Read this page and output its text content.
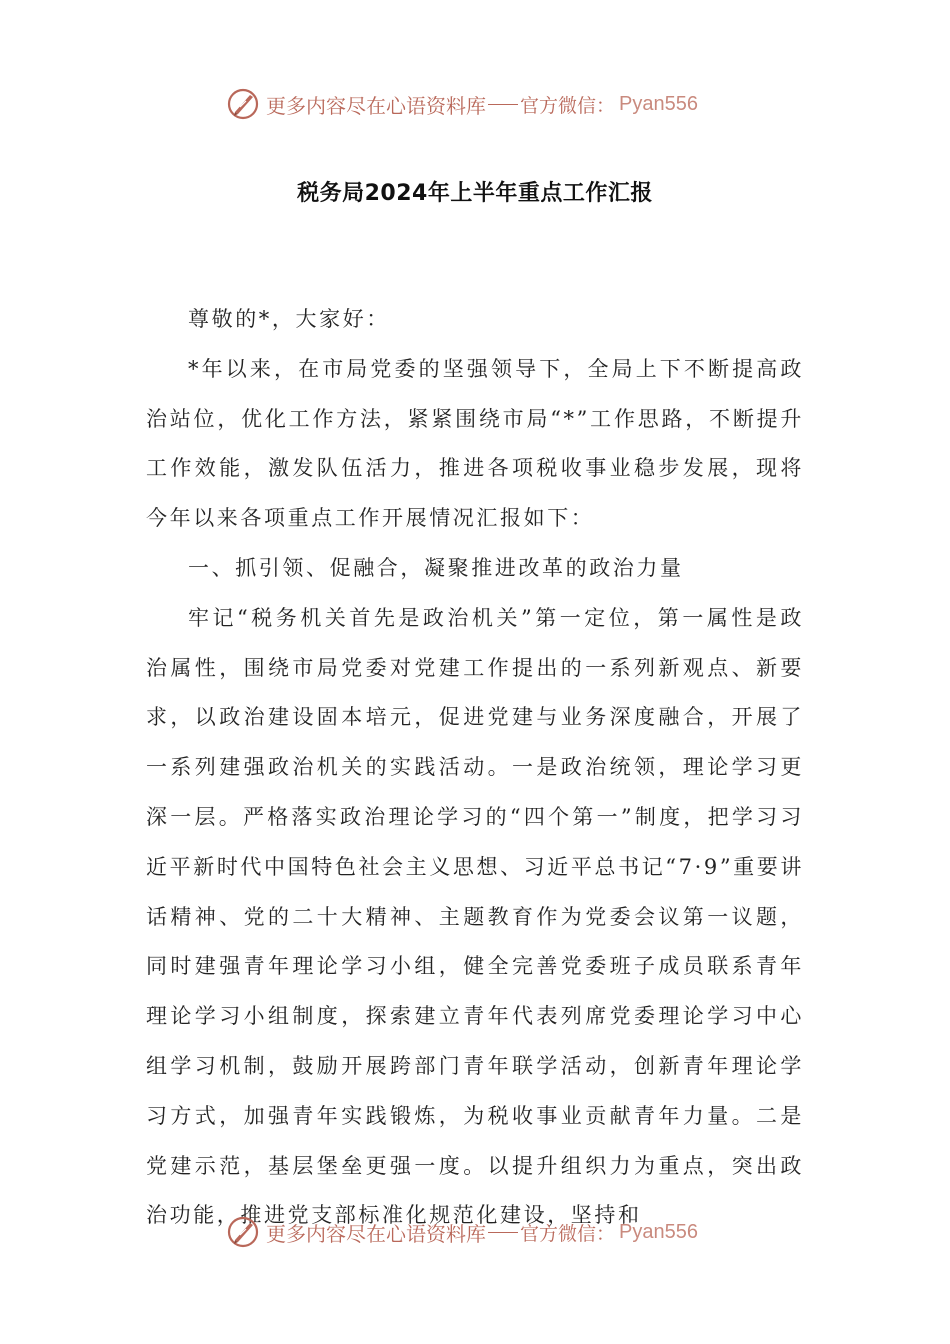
更多内容尽在心语资料库 官方微信： Pyan556
税务局2024年上半年重点工作汇报

尊敬的*，大家好：

*年以来，在市局党委的坚强领导下，全局上下不断提高政治站位，优化工作方法，紧紧围绕市局“*”工作思路，不断提升工作效能，激发队伍活力，推进各项税收事业稳步发展，现将今年以来各项重点工作开展情况汇报如下：

一、抓引领、促融合，凝聚推进改革的政治力量

牢记“税务机关首先是政治机关”第一定位，第一属性是政治属性，围绕市局党委对党建工作提出的一系列新观点、新要求，以政治建设固本培元，促进党建与业务深度融合，开展了一系列建强政治机关的实践活动。一是政治统领，理论学习更深一层。严格落实政治理论学习的“四个第一”制度，把学习习近平新时代中国特色社会主义思想、习近平总书记“7·9”重要讲话精神、党的二十大精神、主题教育作为党委会议第一议题，同时建强青年理论学习小组，健全完善党委班子成员联系青年理论学习小组制度，探索建立青年代表列席党委理论学习中心组学习机制，鼓励开展跨部门青年联学活动，创新青年理论学习方式，加强青年实践锻炼，为税收事业贡献青年力量。二是党建示范，基层堡垒更强一度。以提升组织力为重点，突出政治功能，推进党支部标准化规范化建设，坚持和

更多内容尽在心语资料库 官方微信： Pyan556
